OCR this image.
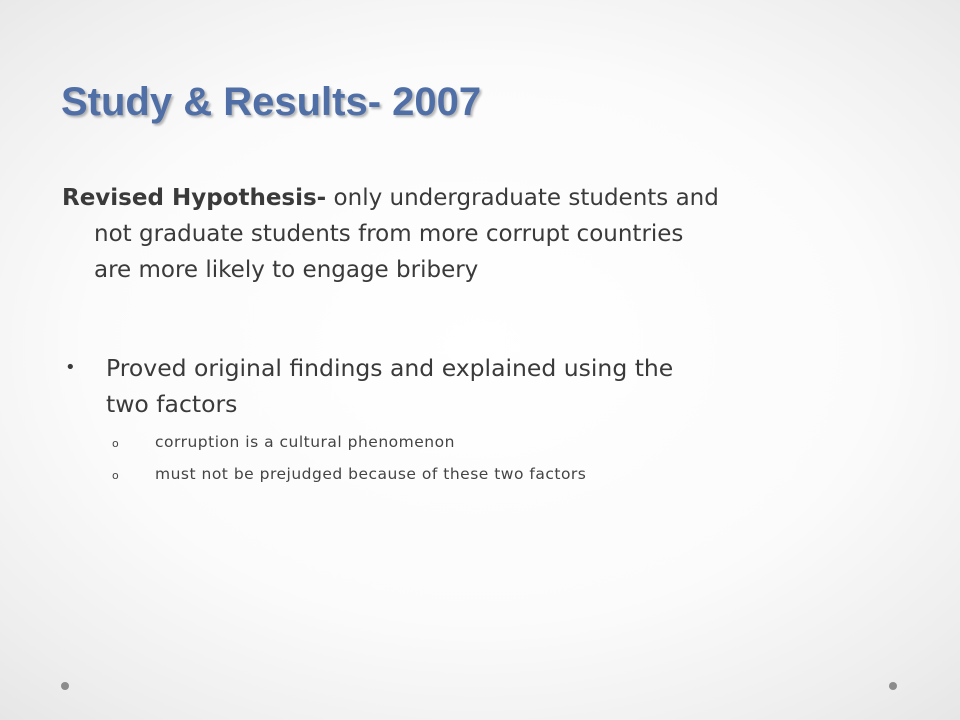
Study & Results- 2007
Revised Hypothesis- only undergraduate students and
not graduate students from more corrupt countries
are more likely to engage bribery
• Proved original findings and explained using the
two factors
o corruption is a cultural phenomenon
o must not be prejudged because of these two factors
